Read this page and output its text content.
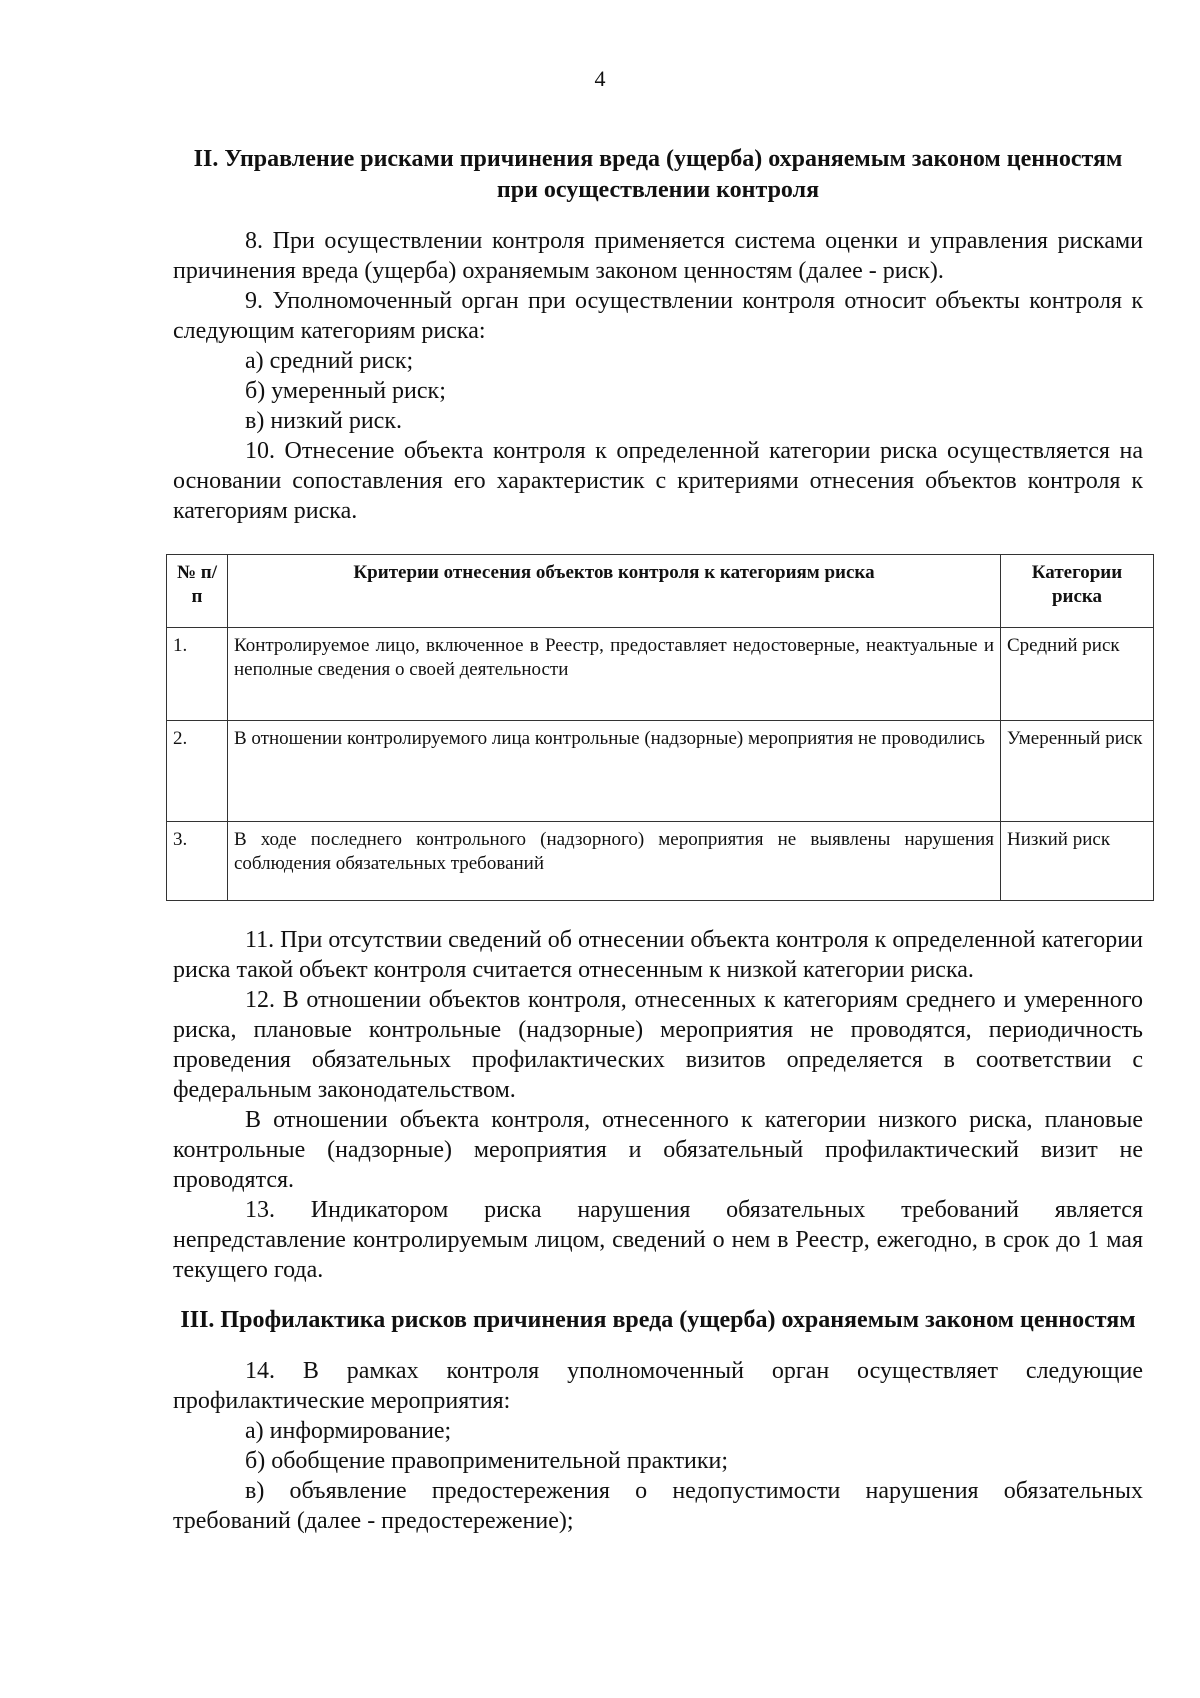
4

II. Управление рисками причинения вреда (ущерба) охраняемым законом ценностям при осуществлении контроля

8. При осуществлении контроля применяется система оценки и управления рисками причинения вреда (ущерба) охраняемым законом ценностям (далее - риск).

9. Уполномоченный орган при осуществлении контроля относит объекты контроля к следующим категориям риска:

а) средний риск;

б) умеренный риск;

в) низкий риск.

10. Отнесение объекта контроля к определенной категории риска осуществляется на основании сопоставления его характеристик с критериями отнесения объектов контроля к категориям риска.

№ п/п	Критерии отнесения объектов контроля к категориям риска	Категории риска
1.	Контролируемое лицо, включенное в Реестр, предоставляет недостоверные, неактуальные и неполные сведения о своей деятельности	Средний риск
2.	В отношении контролируемого лица контрольные (надзорные) мероприятия не проводились	Умеренный риск
3.	В ходе последнего контрольного (надзорного) мероприятия не выявлены нарушения соблюдения обязательных требований	Низкий риск

11. При отсутствии сведений об отнесении объекта контроля к определенной категории риска такой объект контроля считается отнесенным к низкой категории риска.

12. В отношении объектов контроля, отнесенных к категориям среднего и умеренного риска, плановые контрольные (надзорные) мероприятия не проводятся, периодичность проведения обязательных профилактических визитов определяется в соответствии с федеральным законодательством.

В отношении объекта контроля, отнесенного к категории низкого риска, плановые контрольные (надзорные) мероприятия и обязательный профилактический визит не проводятся.

13. Индикатором риска нарушения обязательных требований является непредставление контролируемым лицом, сведений о нем в Реестр, ежегодно, в срок до 1 мая текущего года.

III. Профилактика рисков причинения вреда (ущерба) охраняемым законом ценностям

14. В рамках контроля уполномоченный орган осуществляет следующие профилактические мероприятия:

а) информирование;

б) обобщение правоприменительной практики;

в) объявление предостережения о недопустимости нарушения обязательных требований (далее - предостережение);
